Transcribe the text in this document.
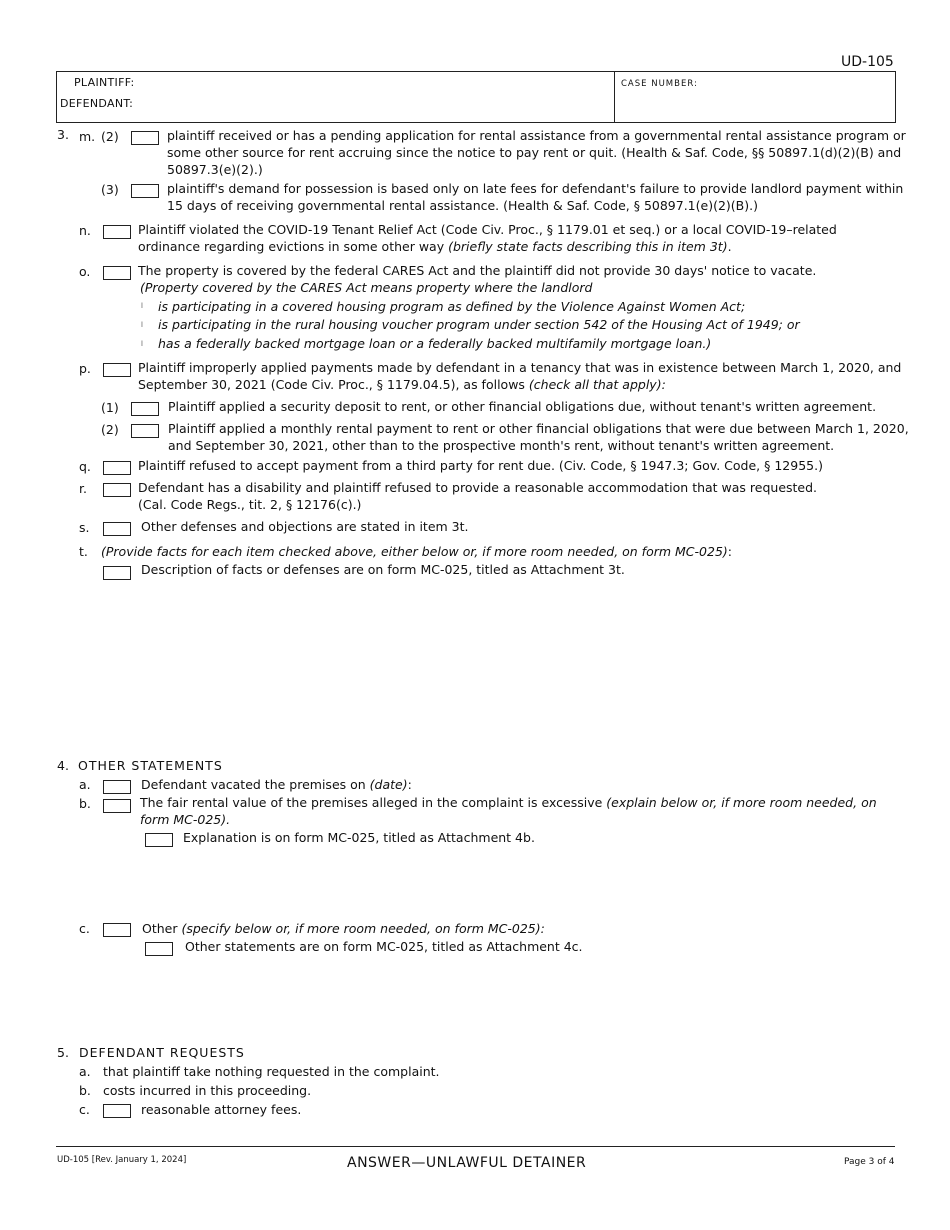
UD-105
PLAINTIFF:
DEFENDANT:
CASE NUMBER:
3. m. (2)	plaintiff received or has a pending application for rental assistance from a governmental rental assistance program or
some other source for rent accruing since the notice to pay rent or quit. (Health & Saf. Code, §§ 50897.1(d)(2)(B) and
50897.3(e)(2).)
(3)	plaintiff's demand for possession is based only on late fees for defendant's failure to provide landlord payment within
15 days of receiving governmental rental assistance. (Health & Saf. Code, § 50897.1(e)(2)(B).)
n.	Plaintiff violated the COVID-19 Tenant Relief Act (Code Civ. Proc., § 1179.01 et seq.) or a local COVID-19–related
ordinance regarding evictions in some other way (briefly state facts describing this in item 3t).
o.	The property is covered by the federal CARES Act and the plaintiff did not provide 30 days' notice to vacate.
(Property covered by the CARES Act means property where the landlord
l is participating in a covered housing program as defined by the Violence Against Women Act;
l is participating in the rural housing voucher program under section 542 of the Housing Act of 1949; or
l has a federally backed mortgage loan or a federally backed multifamily mortgage loan.)
p.	Plaintiff improperly applied payments made by defendant in a tenancy that was in existence between March 1, 2020, and
September 30, 2021 (Code Civ. Proc., § 1179.04.5), as follows (check all that apply):
(1)	Plaintiff applied a security deposit to rent, or other financial obligations due, without tenant's written agreement.
(2)	Plaintiff applied a monthly rental payment to rent or other financial obligations that were due between March 1, 2020,
and September 30, 2021, other than to the prospective month's rent, without tenant's written agreement.
q.	Plaintiff refused to accept payment from a third party for rent due. (Civ. Code, § 1947.3; Gov. Code, § 12955.)
r.	Defendant has a disability and plaintiff refused to provide a reasonable accommodation that was requested.
(Cal. Code Regs., tit. 2, § 12176(c).)
s.	Other defenses and objections are stated in item 3t.
t. (Provide facts for each item checked above, either below or, if more room needed, on form MC-025):
Description of facts or defenses are on form MC-025, titled as Attachment 3t.
4. OTHER STATEMENTS
a.	Defendant vacated the premises on (date):
b.	The fair rental value of the premises alleged in the complaint is excessive (explain below or, if more room needed, on
form MC-025).
Explanation is on form MC-025, titled as Attachment 4b.
c.	Other (specify below or, if more room needed, on form MC-025):
Other statements are on form MC-025, titled as Attachment 4c.
5. DEFENDANT REQUESTS
a. that plaintiff take nothing requested in the complaint.
b. costs incurred in this proceeding.
c.	reasonable attorney fees.
UD-105 [Rev. January 1, 2024]	ANSWER—UNLAWFUL DETAINER	Page 3 of 4
